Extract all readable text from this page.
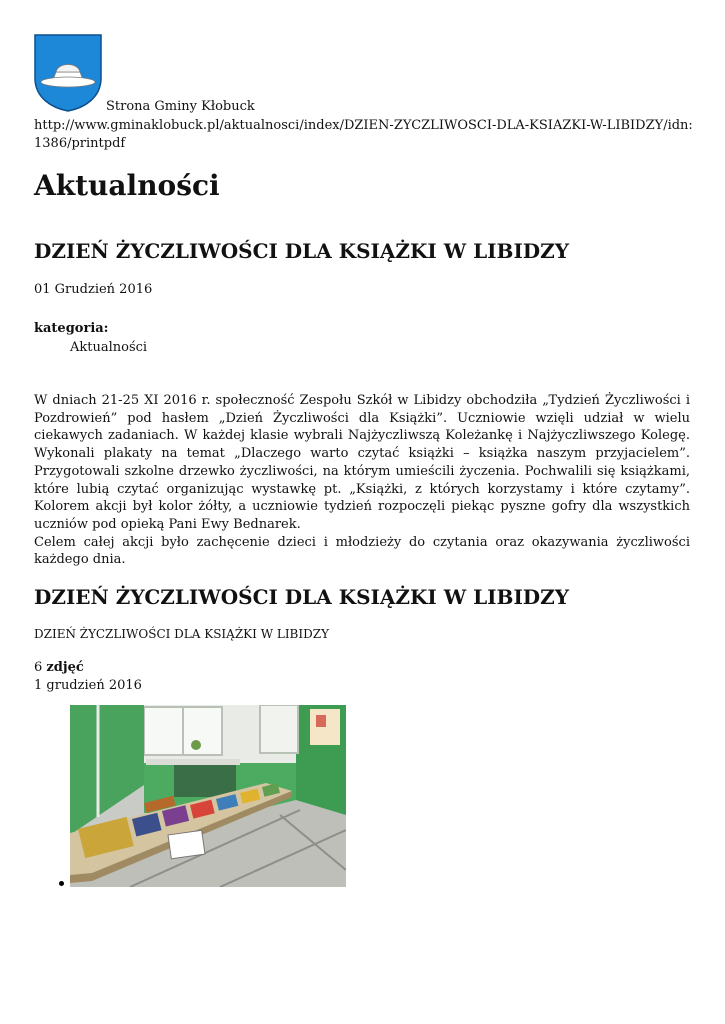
Strona Gminy Kłobuck
http://www.gminaklobuck.pl/aktualnosci/index/DZIEN-ZYCZLIWOSCI-DLA-KSIAZKI-W-LIBIDZY/idn:1386/printpdf
Aktualności
DZIEŃ ŻYCZLIWOŚCI DLA KSIĄŻKI W LIBIDZY
01 Grudzień 2016
kategoria:
Aktualności

W dniach 21-25 XI 2016 r. społeczność Zespołu Szkół w Libidzy obchodziła „Tydzień Życzliwości i Pozdrowień” pod hasłem „Dzień Życzliwości dla Książki”. Uczniowie wzięli udział w wielu ciekawych zadaniach. W każdej klasie wybrali Najżyczliwszą Koleżankę i Najżyczliwszego Kolegę. Wykonali plakaty na temat „Dlaczego warto czytać książki – książka naszym przyjacielem”. Przygotowali szkolne drzewko życzliwości, na którym umieścili życzenia. Pochwalili się książkami, które lubią czytać organizując wystawkę pt. „Książki, z których korzystamy i które czytamy”. Kolorem akcji był kolor żółty, a uczniowie tydzień rozpoczęli piekąc pyszne gofry dla wszystkich uczniów pod opieką Pani Ewy Bednarek.

Celem całej akcji było zachęcenie dzieci i młodzieży do czytania oraz okazywania życzliwości każdego dnia.

DZIEŃ ŻYCZLIWOŚCI DLA KSIĄŻKI W LIBIDZY
DZIEŃ ŻYCZLIWOŚCI DLA KSIĄŻKI W LIBIDZY
6 zdjęć
1 grudzień 2016
